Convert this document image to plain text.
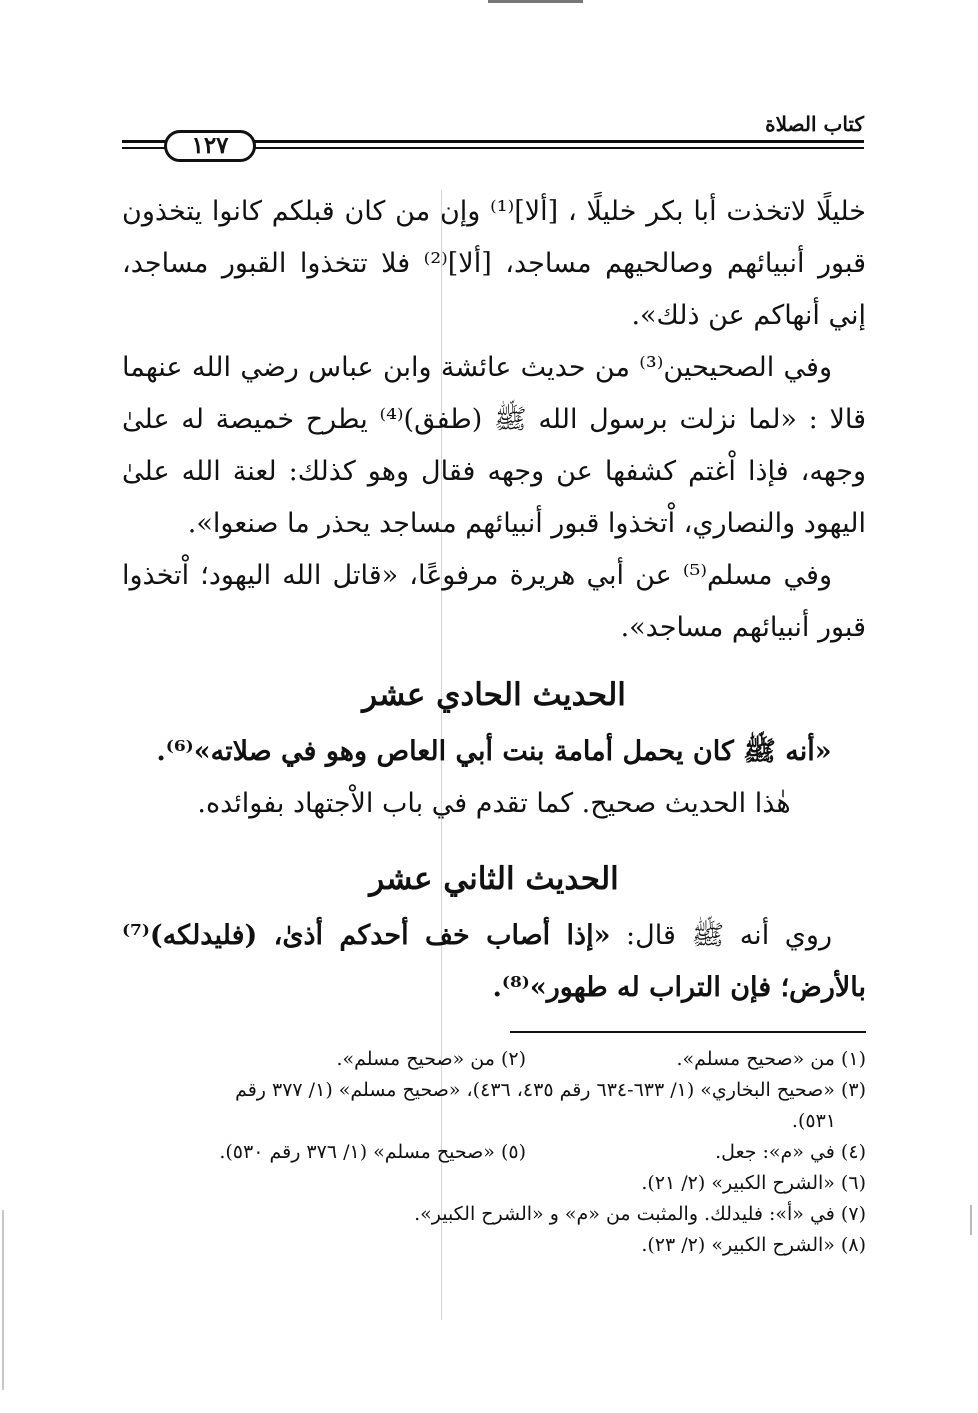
كتاب الصلاة
١٢٧

خليلًا لاتخذت أبا بكر خليلًا ، [ألا]⁽¹⁾ وإن من كان قبلكم كانوا يتخذون قبور أنبيائهم وصالحيهم مساجد، [ألا]⁽²⁾ فلا تتخذوا القبور مساجد، إني أنهاكم عن ذلك».

وفي الصحيحين⁽³⁾ من حديث عائشة وابن عباس رضي الله عنهما قالا : «لما نزلت برسول الله ﷺ (طفق)⁽⁴⁾ يطرح خميصة له علىٰ وجهه، فإذا اْغتم كشفها عن وجهه فقال وهو كذلك: لعنة الله علىٰ اليهود والنصاري، اْتخذوا قبور أنبيائهم مساجد يحذر ما صنعوا».

وفي مسلم⁽⁵⁾ عن أبي هريرة مرفوعًا، «قاتل الله اليهود؛ اْتخذوا قبور أنبيائهم مساجد».

الحديث الحادي عشر

«أنه ﷺ كان يحمل أمامة بنت أبي العاص وهو في صلاته»⁽⁶⁾.

هٰذا الحديث صحيح. كما تقدم في باب الاْجتهاد بفوائده.

الحديث الثاني عشر

روي أنه ﷺ قال: «إذا أصاب خف أحدكم أذىٰ، (فليدلكه)⁽⁷⁾ بالأرض؛ فإن التراب له طهور»⁽⁸⁾.

(١) من «صحيح مسلم».
(٢) من «صحيح مسلم».
(٣) «صحيح البخاري» (١/ ٦٣٣-٦٣٤ رقم ٤٣٥، ٤٣٦)، «صحيح مسلم» (١/ ٣٧٧ رقم
٥٣١).
(٤) في «م»: جعل.
(٥) «صحيح مسلم» (١/ ٣٧٦ رقم ٥٣٠).
(٦) «الشرح الكبير» (٢/ ٢١).
(٧) في «أ»: فليدلك. والمثبت من «م» و «الشرح الكبير».
(٨) «الشرح الكبير» (٢/ ٢٣).
